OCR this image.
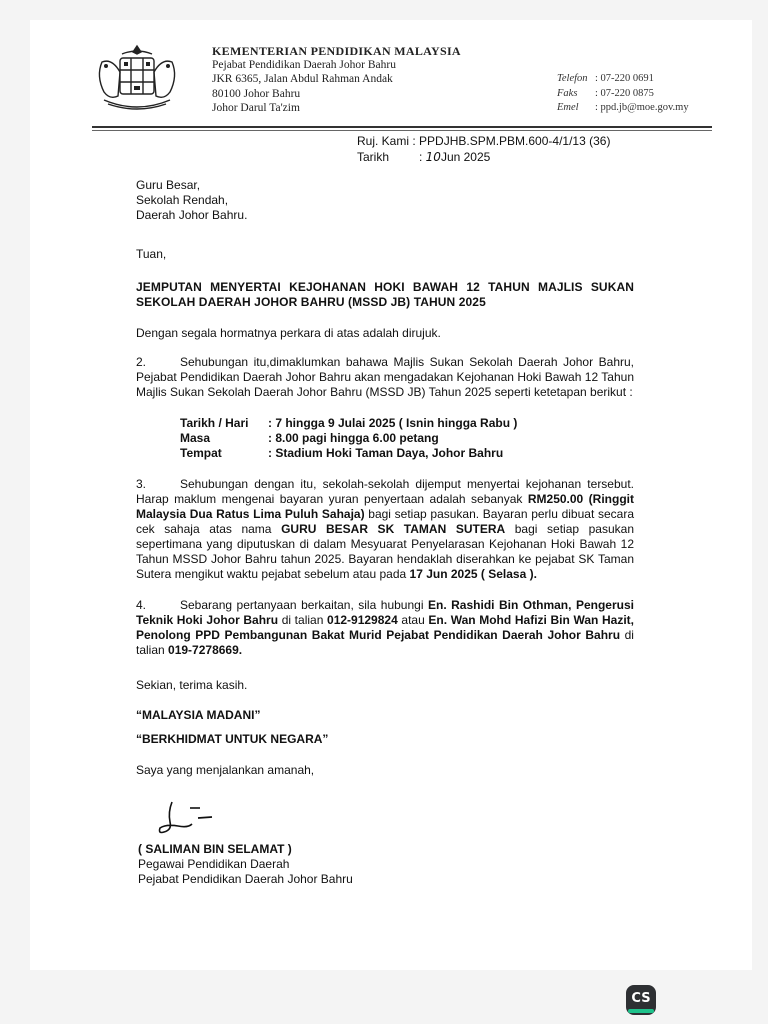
KEMENTERIAN PENDIDIKAN MALAYSIA
Pejabat Pendidikan Daerah Johor Bahru
JKR 6365, Jalan Abdul Rahman Andak
80100 Johor Bahru
Johor Darul Ta'zim
Telefon : 07-220 0691
Faks : 07-220 0875
Emel : ppd.jb@moe.gov.my
Ruj. Kami : PPDJHB.SPM.PBM.600-4/1/13 (36)
Tarikh : 10Jun 2025
Guru Besar,
Sekolah Rendah,
Daerah Johor Bahru.
Tuan,
JEMPUTAN MENYERTAI KEJOHANAN HOKI BAWAH 12 TAHUN MAJLIS SUKAN SEKOLAH DAERAH JOHOR BAHRU (MSSD JB) TAHUN 2025
Dengan segala hormatnya perkara di atas adalah dirujuk.
2.	Sehubungan itu,dimaklumkan bahawa Majlis Sukan Sekolah Daerah Johor Bahru, Pejabat Pendidikan Daerah Johor Bahru akan mengadakan Kejohanan Hoki Bawah 12 Tahun Majlis Sukan Sekolah Daerah Johor Bahru (MSSD JB) Tahun 2025 seperti ketetapan berikut :
Tarikh / Hari	: 7 hingga 9 Julai 2025 ( Isnin hingga Rabu )
Masa	: 8.00 pagi hingga 6.00 petang
Tempat	: Stadium Hoki Taman Daya, Johor Bahru
3.	Sehubungan dengan itu, sekolah-sekolah dijemput menyertai kejohanan tersebut. Harap maklum mengenai bayaran yuran penyertaan adalah sebanyak RM250.00 (Ringgit Malaysia Dua Ratus Lima Puluh Sahaja) bagi setiap pasukan. Bayaran perlu dibuat secara cek sahaja atas nama GURU BESAR SK TAMAN SUTERA bagi setiap pasukan sepertimana yang diputuskan di dalam Mesyuarat Penyelarasan Kejohanan Hoki Bawah 12 Tahun MSSD Johor Bahru tahun 2025. Bayaran hendaklah diserahkan ke pejabat SK Taman Sutera mengikut waktu pejabat sebelum atau pada 17 Jun 2025 ( Selasa ).
4.	Sebarang pertanyaan berkaitan, sila hubungi En. Rashidi Bin Othman, Pengerusi Teknik Hoki Johor Bahru di talian 012-9129824 atau En. Wan Mohd Hafizi Bin Wan Hazit, Penolong PPD Pembangunan Bakat Murid Pejabat Pendidikan Daerah Johor Bahru di talian 019-7278669.
Sekian, terima kasih.
“MALAYSIA MADANI”
“BERKHIDMAT UNTUK NEGARA”
Saya yang menjalankan amanah,
( SALIMAN BIN SELAMAT )
Pegawai Pendidikan Daerah
Pejabat Pendidikan Daerah Johor Bahru
CS
